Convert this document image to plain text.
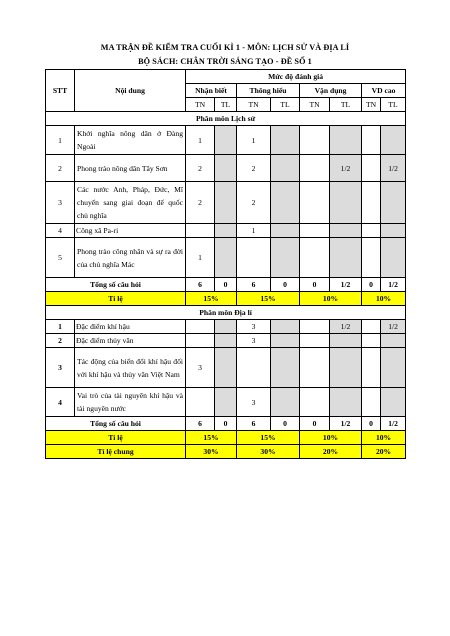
MA TRẬN ĐỀ KIỂM TRA CUỐI KÌ 1 - MÔN: LỊCH SỬ VÀ ĐỊA LÍ
BỘ SÁCH: CHÂN TRỜI SÁNG TẠO - ĐỀ SỐ 1
STT	Nội dung	Mức độ đánh giá							
		Nhận biết		Thông hiểu		Vận dụng		VD cao	
		TN	TL	TN	TL	TN	TL	TN	TL
Phân môn Lịch sử									
1	Khởi nghĩa nông dân ở Đàng Ngoài	1		1					
2	Phong trào nông dân Tây Sơn	2		2			1/2		1/2
3	Các nước Anh, Pháp, Đức, Mĩ chuyển sang giai đoạn đế quốc chủ nghĩa	2		2					
4	Công xã Pa-ri			1					
5	Phong trào công nhân và sự ra đời của chủ nghĩa Mác	1							
Tổng số câu hỏi		6	0	6	0	0	1/2	0	1/2
Tỉ lệ		15%		15%		10%		10%	
Phân môn Địa lí									
1	Đặc điểm khí hậu			3			1/2		1/2
2	Đặc điểm thủy văn			3					
3	Tác động của biến đổi khí hậu đối với khí hậu và thủy văn Việt Nam	3							
4	Vai trò của tài nguyên khí hậu và tài nguyên nước			3					
Tổng số câu hỏi		6	0	6	0	0	1/2	0	1/2
Tỉ lệ		15%		15%		10%		10%	
Tỉ lệ chung		30%		30%		20%		20%	
